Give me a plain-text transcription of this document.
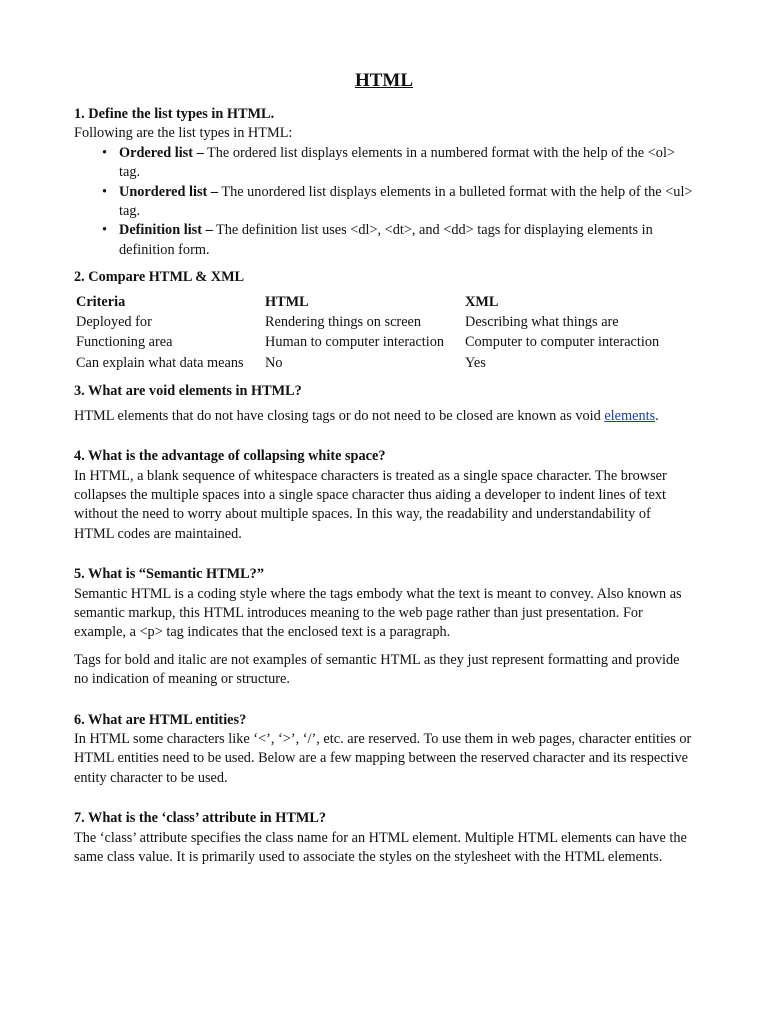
HTML

1. Define the list types in HTML.

Following are the list types in HTML:

• Ordered list – The ordered list displays elements in a numbered format with the help of the <ol> tag.
• Unordered list – The unordered list displays elements in a bulleted format with the help of the <ul> tag.
• Definition list – The definition list uses <dl>, <dt>, and <dd> tags for displaying elements in definition form.

2. Compare HTML & XML

Criteria	HTML	XML
Deployed for	Rendering things on screen	Describing what things are
Functioning area	Human to computer interaction	Computer to computer interaction
Can explain what data means	No	Yes

3. What are void elements in HTML?

HTML elements that do not have closing tags or do not need to be closed are known as void elements.

4. What is the advantage of collapsing white space?

In HTML, a blank sequence of whitespace characters is treated as a single space character. The browser collapses the multiple spaces into a single space character thus aiding a developer to indent lines of text without the need to worry about multiple spaces. In this way, the readability and understandability of HTML codes are maintained.

5. What is “Semantic HTML?”

Semantic HTML is a coding style where the tags embody what the text is meant to convey. Also known as semantic markup, this HTML introduces meaning to the web page rather than just presentation. For example, a <p> tag indicates that the enclosed text is a paragraph.

Tags for bold and italic are not examples of semantic HTML as they just represent formatting and provide no indication of meaning or structure.

6. What are HTML entities?

In HTML some characters like ‘<’, ‘>’, ‘/’, etc. are reserved. To use them in web pages, character entities or HTML entities need to be used. Below are a few mapping between the reserved character and its respective entity character to be used.

7. What is the ‘class’ attribute in HTML?

The ‘class’ attribute specifies the class name for an HTML element. Multiple HTML elements can have the same class value. It is primarily used to associate the styles on the stylesheet with the HTML elements.
